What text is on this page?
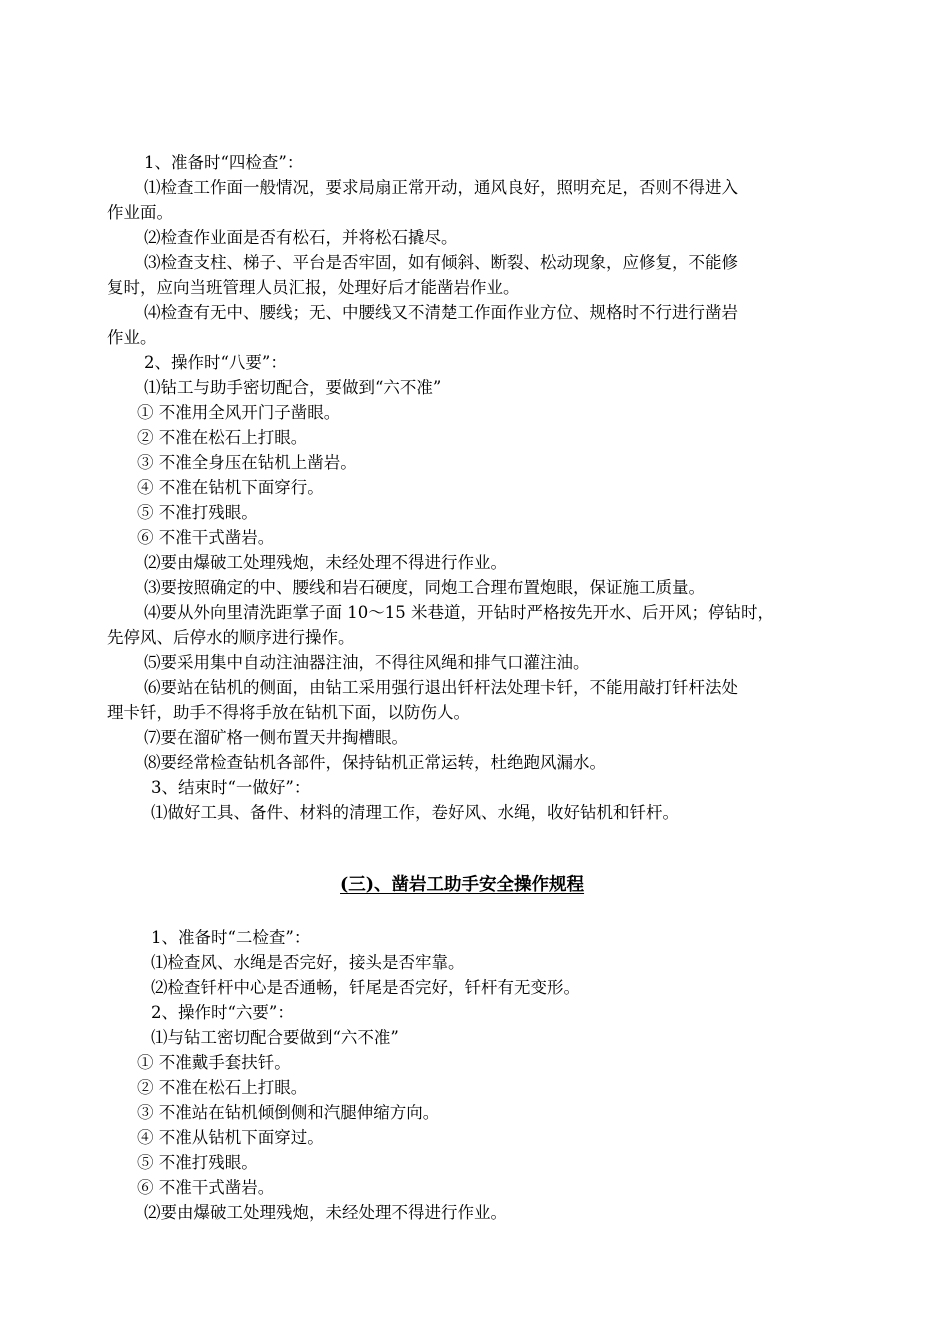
1、准备时“四检查”：

⑴检查工作面一般情况，要求局扇正常开动，通风良好，照明充足，否则不得进入

作业面。

⑵检查作业面是否有松石，并将松石撬尽。

⑶检查支柱、梯子、平台是否牢固，如有倾斜、断裂、松动现象，应修复，不能修

复时，应向当班管理人员汇报，处理好后才能凿岩作业。

⑷检查有无中、腰线；无、中腰线又不清楚工作面作业方位、规格时不行进行凿岩

作业。

2、操作时“八要”：

⑴钻工与助手密切配合，要做到“六不准”

① 不准用全风开门子凿眼。

② 不准在松石上打眼。

③ 不准全身压在钻机上凿岩。

④ 不准在钻机下面穿行。

⑤ 不准打残眼。

⑥ 不准干式凿岩。

⑵要由爆破工处理残炮，未经处理不得进行作业。

⑶要按照确定的中、腰线和岩石硬度，同炮工合理布置炮眼，保证施工质量。

⑷要从外向里清洗距掌子面 10～15 米巷道，开钻时严格按先开水、后开风；停钻时，

先停风、后停水的顺序进行操作。

⑸要采用集中自动注油器注油，不得往风绳和排气口灌注油。

⑹要站在钻机的侧面，由钻工采用强行退出钎杆法处理卡钎，不能用敲打钎杆法处

理卡钎，助手不得将手放在钻机下面，以防伤人。

⑺要在溜矿格一侧布置天井掏槽眼。

⑻要经常检查钻机各部件，保持钻机正常运转，杜绝跑风漏水。

3、结束时“一做好”：

⑴做好工具、备件、材料的清理工作，卷好风、水绳，收好钻机和钎杆。

(三)、凿岩工助手安全操作规程

1、准备时“二检查”：

⑴检查风、水绳是否完好，接头是否牢靠。

⑵检查钎杆中心是否通畅，钎尾是否完好，钎杆有无变形。

2、操作时“六要”：

⑴与钻工密切配合要做到“六不准”

① 不准戴手套扶钎。

② 不准在松石上打眼。

③ 不准站在钻机倾倒侧和汽腿伸缩方向。

④ 不准从钻机下面穿过。

⑤ 不准打残眼。

⑥ 不准干式凿岩。

⑵要由爆破工处理残炮，未经处理不得进行作业。
